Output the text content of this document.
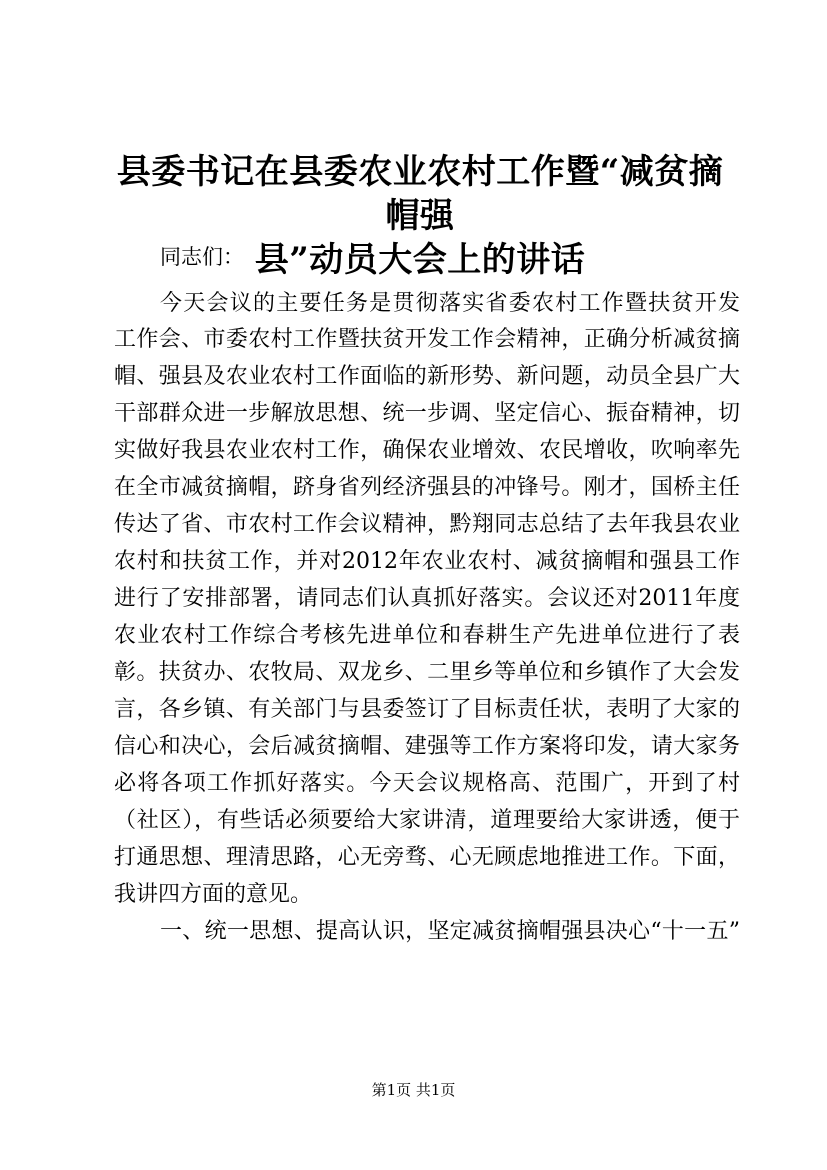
县委书记在县委农业农村工作暨“减贫摘帽强
县”动员大会上的讲话
同志们：
今天会议的主要任务是贯彻落实省委农村工作暨扶贫开发
工作会、市委农村工作暨扶贫开发工作会精神，正确分析减贫摘
帽、强县及农业农村工作面临的新形势、新问题，动员全县广大
干部群众进一步解放思想、统一步调、坚定信心、振奋精神，切
实做好我县农业农村工作，确保农业增效、农民增收，吹响率先
在全市减贫摘帽，跻身省列经济强县的冲锋号。刚才，国桥主任
传达了省、市农村工作会议精神，黔翔同志总结了去年我县农业
农村和扶贫工作，并对2012年农业农村、减贫摘帽和强县工作
进行了安排部署，请同志们认真抓好落实。会议还对2011年度
农业农村工作综合考核先进单位和春耕生产先进单位进行了表
彰。扶贫办、农牧局、双龙乡、二里乡等单位和乡镇作了大会发
言，各乡镇、有关部门与县委签订了目标责任状，表明了大家的
信心和决心，会后减贫摘帽、建强等工作方案将印发，请大家务
必将各项工作抓好落实。今天会议规格高、范围广，开到了村
（社区），有些话必须要给大家讲清，道理要给大家讲透，便于
打通思想、理清思路，心无旁骛、心无顾虑地推进工作。下面，
我讲四方面的意见。
一、统一思想、提高认识，坚定减贫摘帽强县决心“十一五”
第1页 共1页
